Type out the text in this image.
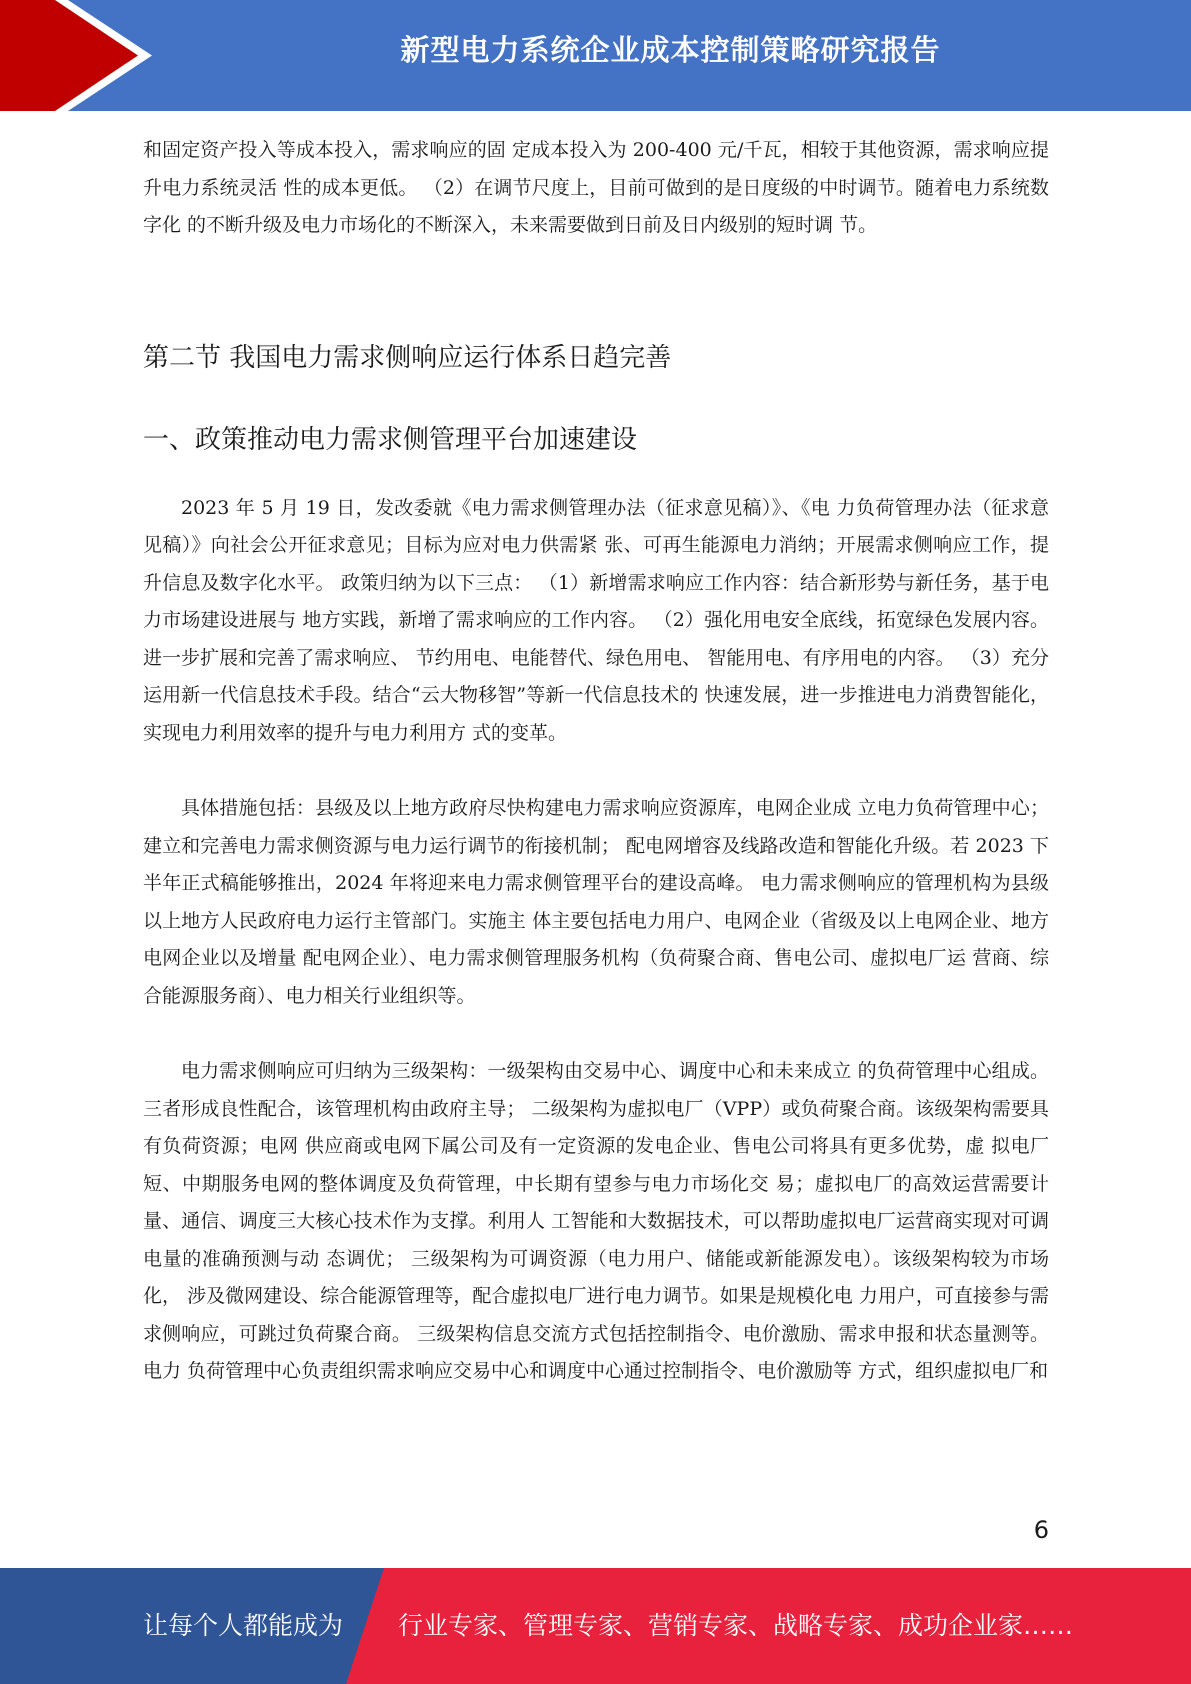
新型电力系统企业成本控制策略研究报告

和固定资产投入等成本投入，需求响应的固 定成本投入为 200-400 元/千瓦，相较于其他资源，需求响应提升电力系统灵活 性的成本更低。 （2）在调节尺度上，目前可做到的是日度级的中时调节。随着电力系统数字化 的不断升级及电力市场化的不断深入，未来需要做到日前及日内级别的短时调 节。

第二节 我国电力需求侧响应运行体系日趋完善
一、政策推动电力需求侧管理平台加速建设

2023 年 5 月 19 日，发改委就《电力需求侧管理办法（征求意见稿）》、《电 力负荷管理办法（征求意见稿）》向社会公开征求意见；目标为应对电力供需紧 张、可再生能源电力消纳；开展需求侧响应工作，提升信息及数字化水平。 政策归纳为以下三点： （1）新增需求响应工作内容：结合新形势与新任务，基于电力市场建设进展与 地方实践，新增了需求响应的工作内容。 （2）强化用电安全底线，拓宽绿色发展内容。进一步扩展和完善了需求响应、 节约用电、电能替代、绿色用电、 智能用电、有序用电的内容。 （3）充分运用新一代信息技术手段。结合“云大物移智”等新一代信息技术的 快速发展，进一步推进电力消费智能化，实现电力利用效率的提升与电力利用方 式的变革。

具体措施包括：县级及以上地方政府尽快构建电力需求响应资源库，电网企业成 立电力负荷管理中心；建立和完善电力需求侧资源与电力运行调节的衔接机制； 配电网增容及线路改造和智能化升级。若 2023 下半年正式稿能够推出，2024 年将迎来电力需求侧管理平台的建设高峰。 电力需求侧响应的管理机构为县级以上地方人民政府电力运行主管部门。实施主 体主要包括电力用户、电网企业（省级及以上电网企业、地方电网企业以及增量 配电网企业）、电力需求侧管理服务机构（负荷聚合商、售电公司、虚拟电厂运 营商、综合能源服务商）、电力相关行业组织等。

电力需求侧响应可归纳为三级架构：一级架构由交易中心、调度中心和未来成立 的负荷管理中心组成。三者形成良性配合，该管理机构由政府主导； 二级架构为虚拟电厂（VPP）或负荷聚合商。该级架构需要具有负荷资源；电网 供应商或电网下属公司及有一定资源的发电企业、售电公司将具有更多优势，虚 拟电厂短、中期服务电网的整体调度及负荷管理，中长期有望参与电力市场化交 易；虚拟电厂的高效运营需要计量、通信、调度三大核心技术作为支撑。利用人 工智能和大数据技术，可以帮助虚拟电厂运营商实现对可调电量的准确预测与动 态调优； 三级架构为可调资源（电力用户、储能或新能源发电）。该级架构较为市场化， 涉及微网建设、综合能源管理等，配合虚拟电厂进行电力调节。如果是规模化电 力用户，可直接参与需求侧响应，可跳过负荷聚合商。 三级架构信息交流方式包括控制指令、电价激励、需求申报和状态量测等。电力 负荷管理中心负责组织需求响应交易中心和调度中心通过控制指令、电价激励等 方式，组织虚拟电厂和

6
让每个人都能成为 行业专家、管理专家、营销专家、战略专家、成功企业家……
